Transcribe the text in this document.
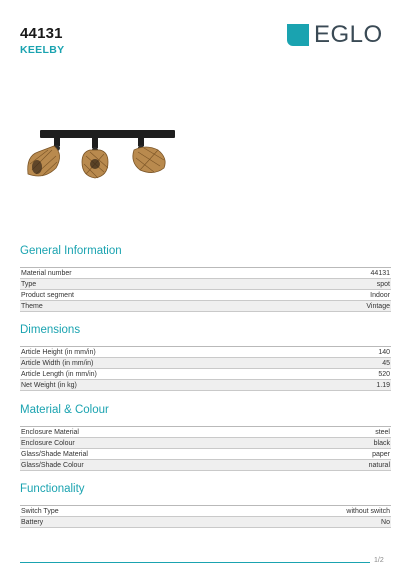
44131
KEELBY
EGLO
General Information
Material number	44131
Type	spot
Product segment	Indoor
Theme	Vintage
Dimensions
Article Height (in mm/in)	140
Article Width (in mm/in)	45
Article Length (in mm/in)	520
Net Weight (in kg)	1.19
Material & Colour
Enclosure Material	steel
Enclosure Colour	black
Glass/Shade Material	paper
Glass/Shade Colour	natural
Functionality
Switch Type	without switch
Battery	No
1/2
